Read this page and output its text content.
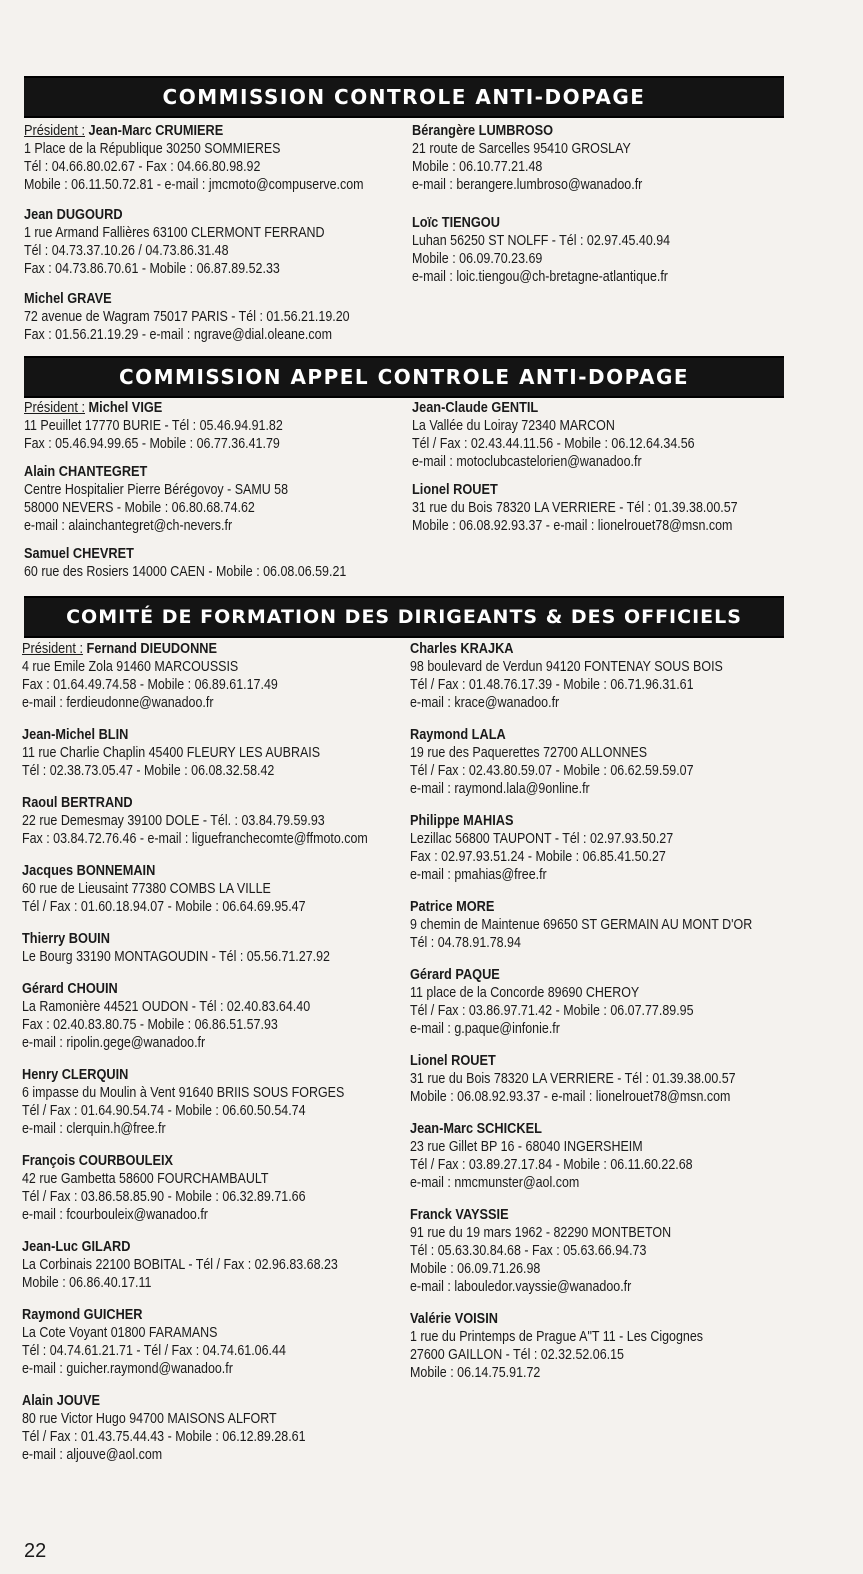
COMMISSION CONTROLE ANTI-DOPAGE
Président : Jean-Marc CRUMIERE
1 Place de la République 30250 SOMMIERES
Tél : 04.66.80.02.67 - Fax : 04.66.80.98.92
Mobile : 06.11.50.72.81 - e-mail : jmcmoto@compuserve.com
Jean DUGOURD
1 rue Armand Fallières 63100 CLERMONT FERRAND
Tél : 04.73.37.10.26 / 04.73.86.31.48
Fax : 04.73.86.70.61 - Mobile : 06.87.89.52.33
Michel GRAVE
72 avenue de Wagram 75017 PARIS - Tél : 01.56.21.19.20
Fax : 01.56.21.19.29 - e-mail : ngrave@dial.oleane.com
Bérangère LUMBROSO
21 route de Sarcelles 95410 GROSLAY
Mobile : 06.10.77.21.48
e-mail : berangere.lumbroso@wanadoo.fr
Loïc TIENGOU
Luhan 56250 ST NOLFF - Tél : 02.97.45.40.94
Mobile : 06.09.70.23.69
e-mail : loic.tiengou@ch-bretagne-atlantique.fr
COMMISSION APPEL CONTROLE ANTI-DOPAGE
Président : Michel VIGE
11 Peuillet 17770 BURIE - Tél : 05.46.94.91.82
Fax : 05.46.94.99.65 - Mobile : 06.77.36.41.79
Alain CHANTEGRET
Centre Hospitalier Pierre Bérégovoy - SAMU 58
58000 NEVERS - Mobile : 06.80.68.74.62
e-mail : alainchantegret@ch-nevers.fr
Samuel CHEVRET
60 rue des Rosiers 14000 CAEN - Mobile : 06.08.06.59.21
Jean-Claude GENTIL
La Vallée du Loiray 72340 MARCON
Tél / Fax : 02.43.44.11.56 - Mobile : 06.12.64.34.56
e-mail : motoclubcastelorien@wanadoo.fr
Lionel ROUET
31 rue du Bois 78320 LA VERRIERE - Tél : 01.39.38.00.57
Mobile : 06.08.92.93.37 - e-mail : lionelrouet78@msn.com
COMITÉ DE FORMATION DES DIRIGEANTS & DES OFFICIELS
Président : Fernand DIEUDONNE
4 rue Emile Zola 91460 MARCOUSSIS
Fax : 01.64.49.74.58 - Mobile : 06.89.61.17.49
e-mail : ferdieudonne@wanadoo.fr
Jean-Michel BLIN
11 rue Charlie Chaplin 45400 FLEURY LES AUBRAIS
Tél : 02.38.73.05.47 - Mobile : 06.08.32.58.42
Raoul BERTRAND
22 rue Demesmay 39100 DOLE - Tél. : 03.84.79.59.93
Fax : 03.84.72.76.46 - e-mail : liguefranchecomte@ffmoto.com
Jacques BONNEMAIN
60 rue de Lieusaint 77380 COMBS LA VILLE
Tél / Fax : 01.60.18.94.07 - Mobile : 06.64.69.95.47
Thierry BOUIN
Le Bourg 33190 MONTAGOUDIN - Tél : 05.56.71.27.92
Gérard CHOUIN
La Ramonière 44521 OUDON - Tél : 02.40.83.64.40
Fax : 02.40.83.80.75 - Mobile : 06.86.51.57.93
e-mail : ripolin.gege@wanadoo.fr
Henry CLERQUIN
6 impasse du Moulin à Vent 91640 BRIIS SOUS FORGES
Tél / Fax : 01.64.90.54.74 - Mobile : 06.60.50.54.74
e-mail : clerquin.h@free.fr
François COURBOULEIX
42 rue Gambetta 58600 FOURCHAMBAULT
Tél / Fax : 03.86.58.85.90 - Mobile : 06.32.89.71.66
e-mail : fcourbouleix@wanadoo.fr
Jean-Luc GILARD
La Corbinais 22100 BOBITAL - Tél / Fax : 02.96.83.68.23
Mobile : 06.86.40.17.11
Raymond GUICHER
La Cote Voyant 01800 FARAMANS
Tél : 04.74.61.21.71 - Tél / Fax : 04.74.61.06.44
e-mail : guicher.raymond@wanadoo.fr
Alain JOUVE
80 rue Victor Hugo 94700 MAISONS ALFORT
Tél / Fax : 01.43.75.44.43 - Mobile : 06.12.89.28.61
e-mail : aljouve@aol.com
Charles KRAJKA
98 boulevard de Verdun 94120 FONTENAY SOUS BOIS
Tél / Fax : 01.48.76.17.39 - Mobile : 06.71.96.31.61
e-mail : krace@wanadoo.fr
Raymond LALA
19 rue des Paquerettes 72700 ALLONNES
Tél / Fax : 02.43.80.59.07 - Mobile : 06.62.59.59.07
e-mail : raymond.lala@9online.fr
Philippe MAHIAS
Lezillac 56800 TAUPONT - Tél : 02.97.93.50.27
Fax : 02.97.93.51.24 - Mobile : 06.85.41.50.27
e-mail : pmahias@free.fr
Patrice MORE
9 chemin de Maintenue 69650 ST GERMAIN AU MONT D'OR
Tél : 04.78.91.78.94
Gérard PAQUE
11 place de la Concorde 89690 CHEROY
Tél / Fax : 03.86.97.71.42 - Mobile : 06.07.77.89.95
e-mail : g.paque@infonie.fr
Lionel ROUET
31 rue du Bois 78320 LA VERRIERE - Tél : 01.39.38.00.57
Mobile : 06.08.92.93.37 - e-mail : lionelrouet78@msn.com
Jean-Marc SCHICKEL
23 rue Gillet BP 16 - 68040 INGERSHEIM
Tél / Fax : 03.89.27.17.84 - Mobile : 06.11.60.22.68
e-mail : nmcmunster@aol.com
Franck VAYSSIE
91 rue du 19 mars 1962 - 82290 MONTBETON
Tél : 05.63.30.84.68 - Fax : 05.63.66.94.73
Mobile : 06.09.71.26.98
e-mail : labouledor.vayssie@wanadoo.fr
Valérie VOISIN
1 rue du Printemps de Prague A"T 11 - Les Cigognes
27600 GAILLON - Tél : 02.32.52.06.15
Mobile : 06.14.75.91.72
22
